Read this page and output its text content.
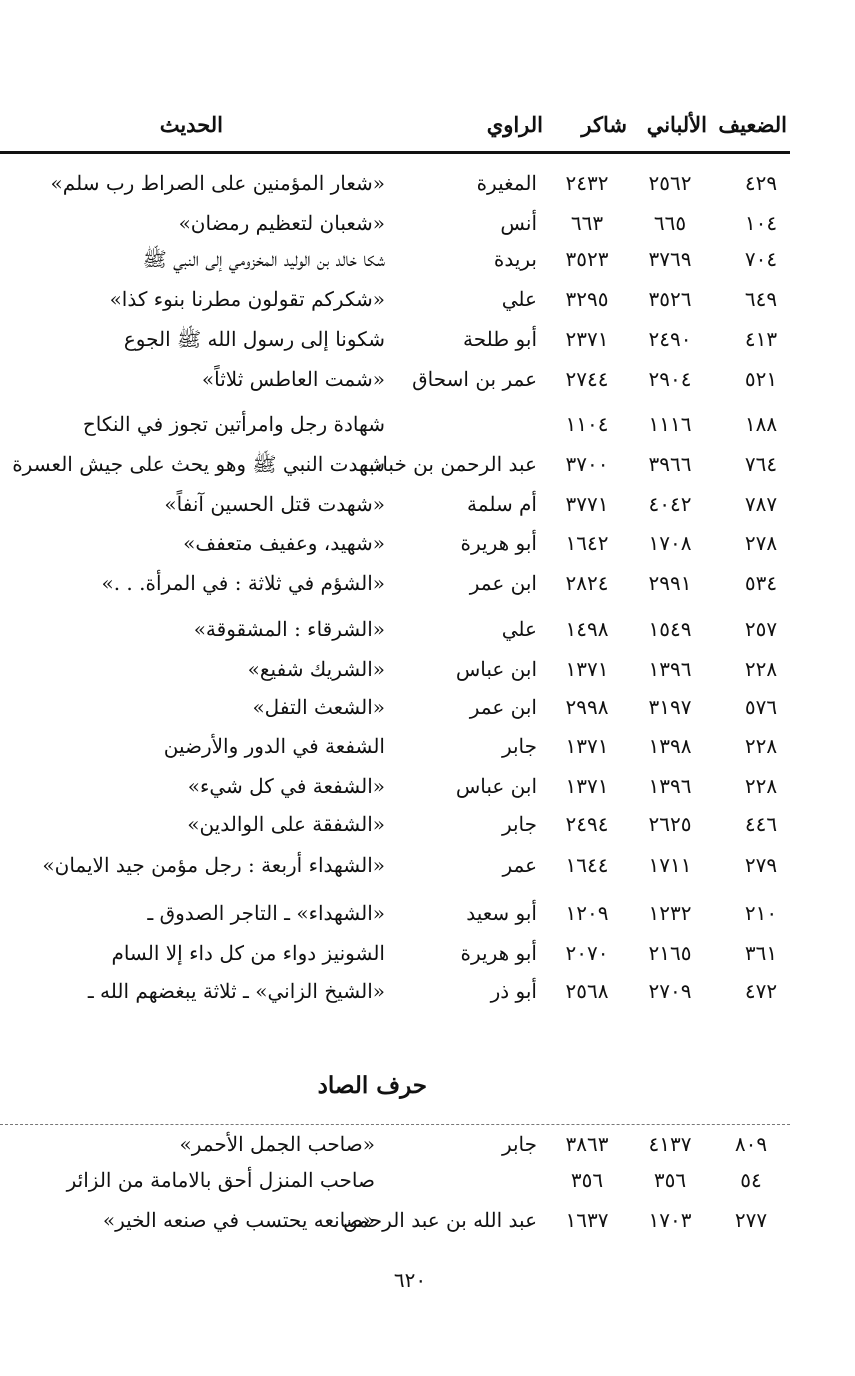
الضعيف
الألباني
شاكر
الراوي
الحديث
٤٢٩
٢٥٦٢
٢٤٣٢
المغيرة
«شعار المؤمنين على الصراط رب سلم»
١٠٤
٦٦٥
٦٦٣
أنس
«شعبان لتعظيم رمضان»
٧٠٤
٣٧٦٩
٣٥٢٣
بريدة
شكا خالد بن الوليد المخزومي إلى النبي ﷺ
٦٤٩
٣٥٢٦
٣٢٩٥
علي
«شكركم تقولون مطرنا بنوء كذا»
٤١٣
٢٤٩٠
٢٣٧١
أبو طلحة
شكونا إلى رسول الله ﷺ الجوع
٥٢١
٢٩٠٤
٢٧٤٤
عمر بن اسحاق
«شمت العاطس ثلاثاً»
١٨٨
١١١٦
١١٠٤
شهادة رجل وامرأتين تجوز في النكاح
٧٦٤
٣٩٦٦
٣٧٠٠
عبد الرحمن بن خباب
شهدت النبي ﷺ وهو يحث على جيش العسرة
٧٨٧
٤٠٤٢
٣٧٧١
أم سلمة
«شهدت قتل الحسين آنفاً»
٢٧٨
١٧٠٨
١٦٤٢
أبو هريرة
«شهيد، وعفيف متعفف»
٥٣٤
٢٩٩١
٢٨٢٤
ابن عمر
«الشؤم في ثلاثة : في المرأة. . .»
٢٥٧
١٥٤٩
١٤٩٨
علي
«الشرقاء : المشقوقة»
٢٢٨
١٣٩٦
١٣٧١
ابن عباس
«الشريك شفيع»
٥٧٦
٣١٩٧
٢٩٩٨
ابن عمر
«الشعث التفل»
٢٢٨
١٣٩٨
١٣٧١
جابر
الشفعة في الدور والأرضين
٢٢٨
١٣٩٦
١٣٧١
ابن عباس
«الشفعة في كل شيء»
٤٤٦
٢٦٢٥
٢٤٩٤
جابر
«الشفقة على الوالدين»
٢٧٩
١٧١١
١٦٤٤
عمر
«الشهداء أربعة : رجل مؤمن جيد الايمان»
٢١٠
١٢٣٢
١٢٠٩
أبو سعيد
«الشهداء» ـ التاجر الصدوق ـ
٣٦١
٢١٦٥
٢٠٧٠
أبو هريرة
الشونيز دواء من كل داء إلا السام
٤٧٢
٢٧٠٩
٢٥٦٨
أبو ذر
«الشيخ الزاني» ـ ثلاثة يبغضهم الله ـ
حرف الصاد
٨٠٩
٤١٣٧
٣٨٦٣
جابر
«صاحب الجمل الأحمر»
٥٤
٣٥٦
٣٥٦
صاحب المنزل أحق بالامامة من الزائر
٢٧٧
١٧٠٣
١٦٣٧
عبد الله بن عبد الرحمن
«صانعه يحتسب في صنعه الخير»
٦٢٠
